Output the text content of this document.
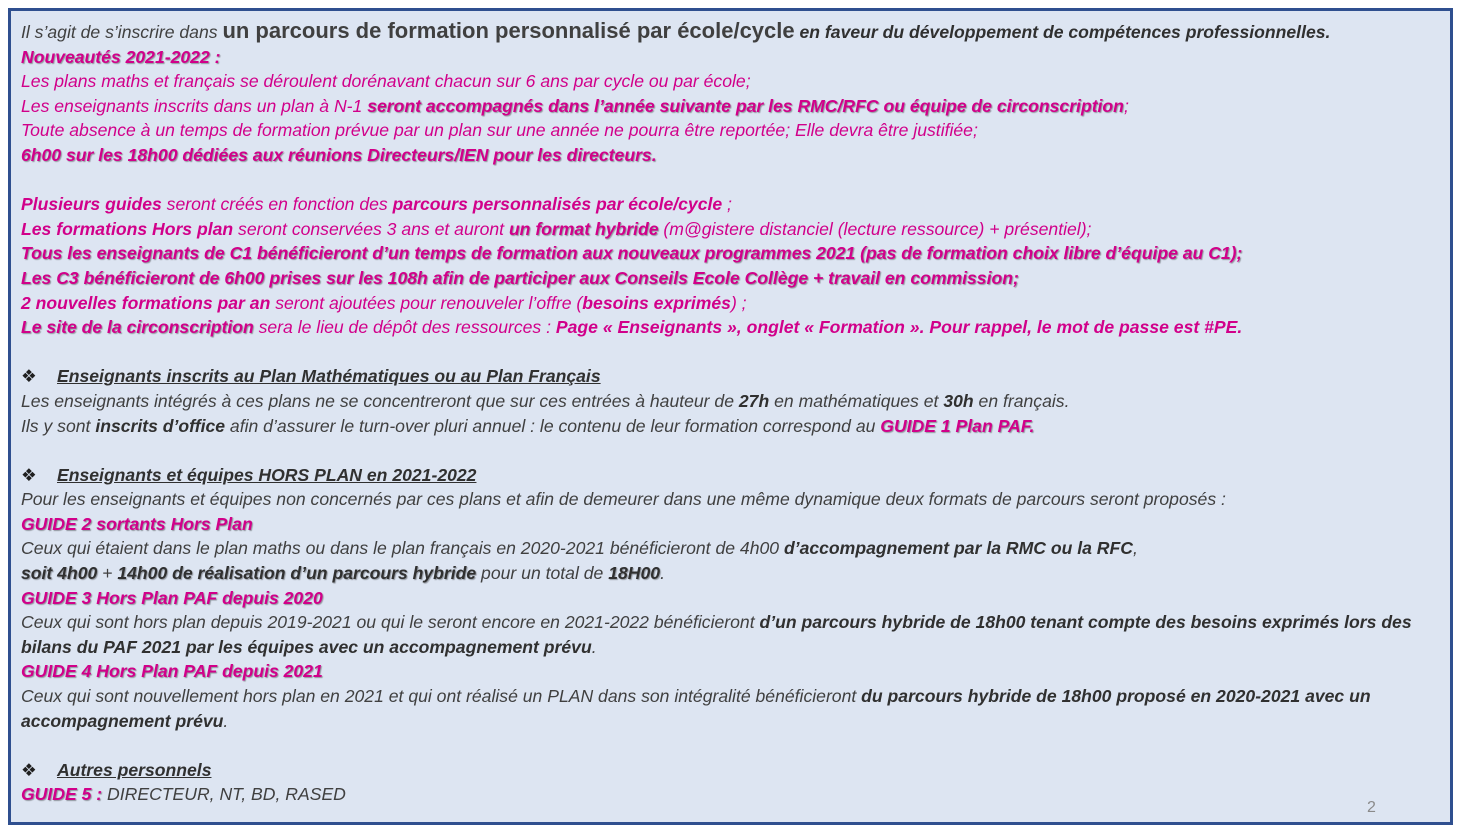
Il s’agit de s’inscrire dans un parcours de formation personnalisé par école/cycle en faveur du développement de compétences professionnelles.
Nouveautés 2021-2022 :
Les plans maths et français se déroulent dorénavant chacun sur 6 ans par cycle ou par école;
Les enseignants inscrits dans un plan à N-1 seront accompagnés dans l’année suivante par les RMC/RFC ou équipe de circonscription;
Toute absence à un temps de formation prévue par un plan sur une année ne pourra être reportée; Elle devra être justifiée;
6h00 sur les 18h00 dédiées aux réunions Directeurs/IEN pour les directeurs.
Plusieurs guides seront créés en fonction des parcours personnalisés par école/cycle ;
Les formations Hors plan seront conservées 3 ans et auront un format hybride (m@gistere distanciel (lecture ressource) + présentiel);
Tous les enseignants de C1 bénéficieront d’un temps de formation aux nouveaux programmes 2021 (pas de formation choix libre d’équipe au C1);
Les C3 bénéficieront de 6h00 prises sur les 108h afin de participer aux Conseils Ecole Collège + travail en commission;
2 nouvelles formations par an seront ajoutées pour renouveler l’offre (besoins exprimés) ;
Le site de la circonscription sera le lieu de dépôt des ressources : Page « Enseignants », onglet « Formation ». Pour rappel, le mot de passe est #PE.
❖ Enseignants inscrits au Plan Mathématiques ou au Plan Français
Les enseignants intégrés à ces plans ne se concentreront que sur ces entrées à hauteur de 27h en mathématiques et 30h en français.
Ils y sont inscrits d’office afin d’assurer le turn-over pluri annuel : le contenu de leur formation correspond au GUIDE 1 Plan PAF.
❖ Enseignants et équipes HORS PLAN en 2021-2022
Pour les enseignants et équipes non concernés par ces plans et afin de demeurer dans une même dynamique deux formats de parcours seront proposés :
GUIDE 2 sortants Hors Plan
Ceux qui étaient dans le plan maths ou dans le plan français en 2020-2021 bénéficieront de 4h00 d’accompagnement par la RMC ou la RFC,
soit 4h00 + 14h00 de réalisation d’un parcours hybride pour un total de 18H00.
GUIDE 3 Hors Plan PAF depuis 2020
Ceux qui sont hors plan depuis 2019-2021 ou qui le seront encore en 2021-2022 bénéficieront d’un parcours hybride de 18h00 tenant compte des besoins exprimés lors des bilans du PAF 2021 par les équipes avec un accompagnement prévu.
GUIDE 4 Hors Plan PAF depuis 2021
Ceux qui sont nouvellement hors plan en 2021 et qui ont réalisé un PLAN dans son intégralité bénéficieront du parcours hybride de 18h00 proposé en 2020-2021 avec un accompagnement prévu.
❖ Autres personnels
GUIDE 5 : DIRECTEUR, NT, BD, RASED
2
